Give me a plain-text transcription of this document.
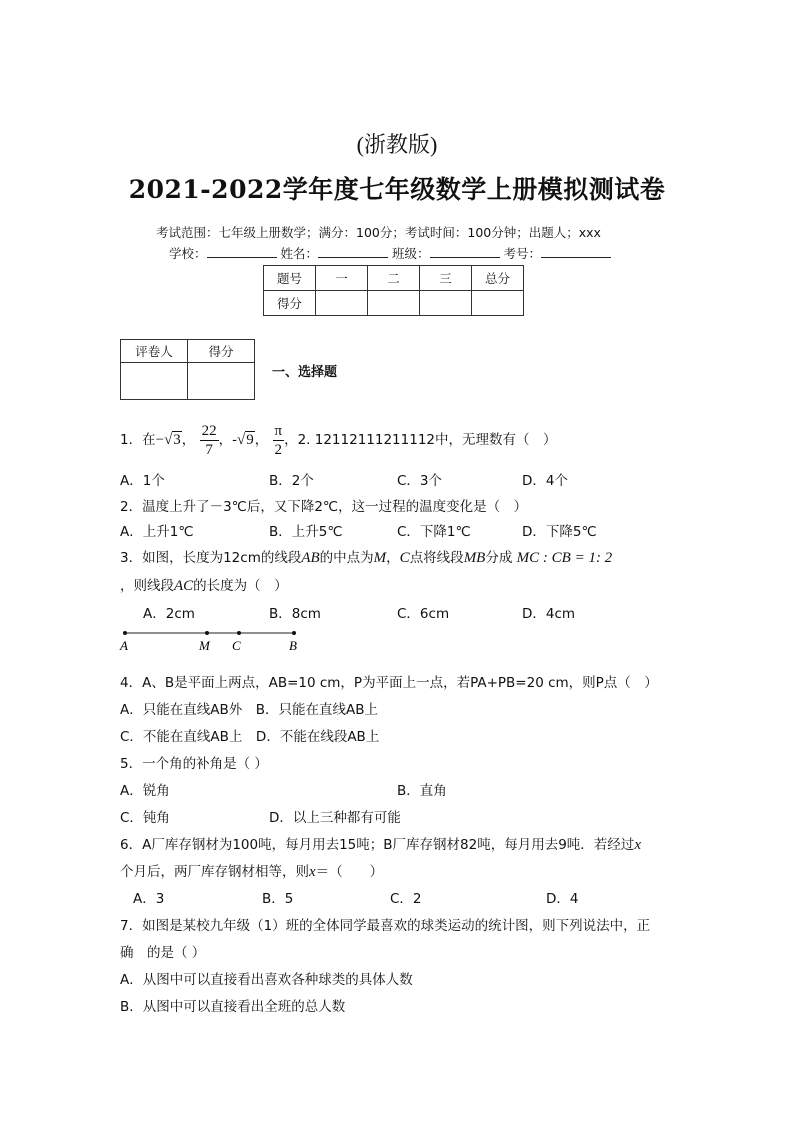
(浙教版)
2021-2022学年度七年级数学上册模拟测试卷
考试范围：七年级上册数学；满分：100分；考试时间：100分钟；出题人；xxx
学校：	姓名：	班级：	考号：
题号	一	二	三	总分
得分				
评卷人	得分

一、选择题
1．在−√3， $\frac{22}{7}$ ，-√9， $\frac{\pi}{2}$ ，2. 12112111211112中，无理数有（　）
A．1个	B．2个	C．3个	D．4个
2．温度上升了－3℃后，又下降2℃，这一过程的温度变化是（　）
A．上升1℃	B．上升5℃	C．下降1℃	D．下降5℃
3．如图，长度为12cm的线段AB的中点为M，C点将线段MB分成 MC : CB = 1: 2
，则线段AC的长度为（　）
A．2cm	B．8cm	C．6cm	D．4cm
A	M C	B
4．A、B是平面上两点，AB=10 cm，P为平面上一点，若PA+PB=20 cm，则P点（　）
A．只能在直线AB外　B．只能在直线AB上
C．不能在直线AB上　D．不能在线段AB上
5．一个角的补角是（ ）
A．锐角	B．直角
C．钝角	D．以上三种都有可能
6．A厂库存钢材为100吨，每月用去15吨；B厂库存钢材82吨，每月用去9吨．若经过x
个月后，两厂库存钢材相等，则x＝（　　）
A．3	B．5	C．2	D．4
7．如图是某校九年级（1）班的全体同学最喜欢的球类运动的统计图，则下列说法中，正
确　的是（ ）
A．从图中可以直接看出喜欢各种球类的具体人数
B．从图中可以直接看出全班的总人数
